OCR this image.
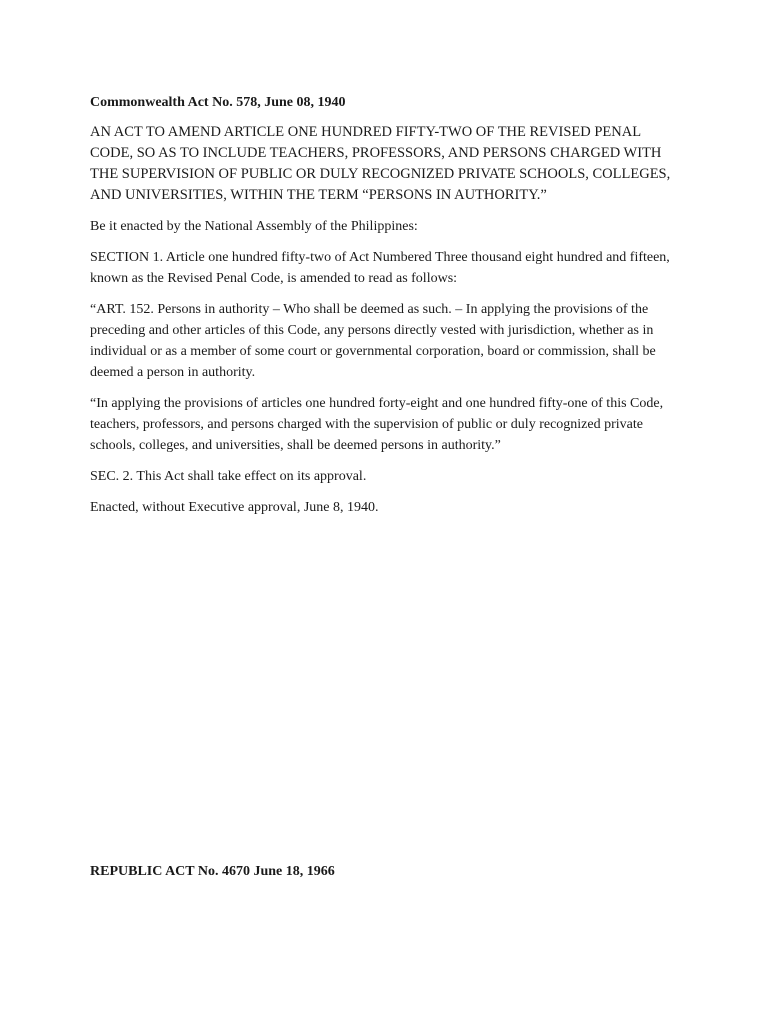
Commonwealth Act No. 578, June 08, 1940

AN ACT TO AMEND ARTICLE ONE HUNDRED FIFTY-TWO OF THE REVISED PENAL CODE, SO AS TO INCLUDE TEACHERS, PROFESSORS, AND PERSONS CHARGED WITH THE SUPERVISION OF PUBLIC OR DULY RECOGNIZED PRIVATE SCHOOLS, COLLEGES, AND UNIVERSITIES, WITHIN THE TERM “PERSONS IN AUTHORITY.”

Be it enacted by the National Assembly of the Philippines:

SECTION 1. Article one hundred fifty-two of Act Numbered Three thousand eight hundred and fifteen, known as the Revised Penal Code, is amended to read as follows:

“ART. 152. Persons in authority – Who shall be deemed as such. – In applying the provisions of the preceding and other articles of this Code, any persons directly vested with jurisdiction, whether as in individual or as a member of some court or governmental corporation, board or commission, shall be deemed a person in authority.

“In applying the provisions of articles one hundred forty-eight and one hundred fifty-one of this Code, teachers, professors, and persons charged with the supervision of public or duly recognized private schools, colleges, and universities, shall be deemed persons in authority.”

SEC. 2. This Act shall take effect on its approval.

Enacted, without Executive approval, June 8, 1940.

REPUBLIC ACT No. 4670 June 18, 1966
